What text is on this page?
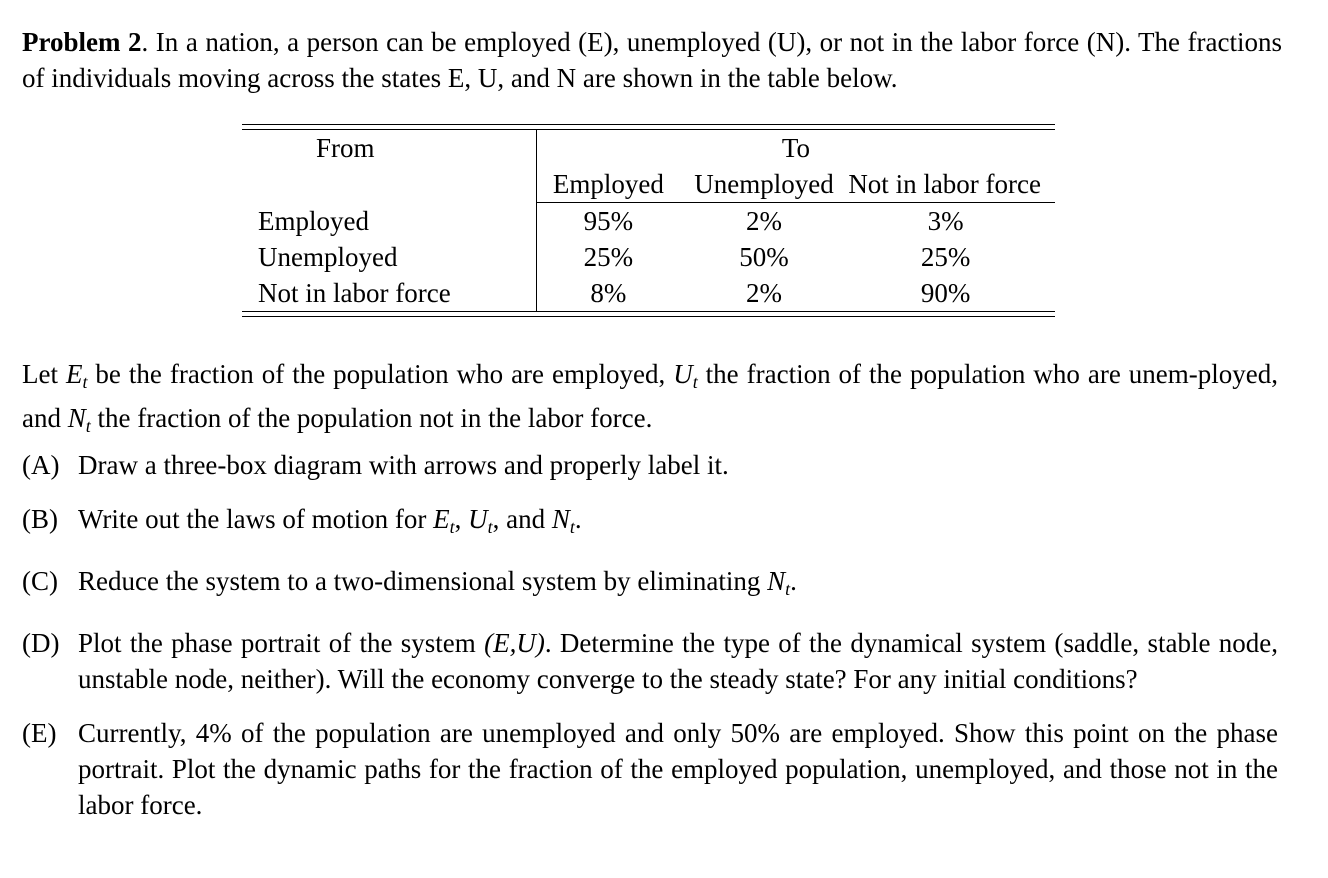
Problem 2. In a nation, a person can be employed (E), unemployed (U), or not in the labor force (N). The fractions of individuals moving across the states E, U, and N are shown in the table below.

From	To		
	Employed	Unemployed	Not in labor force
Employed	95%	2%	3%
Unemployed	25%	50%	25%
Not in labor force	8%	2%	90%

Let $E_t$ be the fraction of the population who are employed, $U_t$ the fraction of the population who are unem-ployed, and $N_t$ the fraction of the population not in the labor force.

(A) Draw a three-box diagram with arrows and properly label it.
(B) Write out the laws of motion for $E_t$, $U_t$, and $N_t$.
(C) Reduce the system to a two-dimensional system by eliminating $N_t$.
(D) Plot the phase portrait of the system (E,U). Determine the type of the dynamical system (saddle, stable node, unstable node, neither). Will the economy converge to the steady state? For any initial conditions?
(E) Currently, 4% of the population are unemployed and only 50% are employed. Show this point on the phase portrait. Plot the dynamic paths for the fraction of the employed population, unemployed, and those not in the labor force.
